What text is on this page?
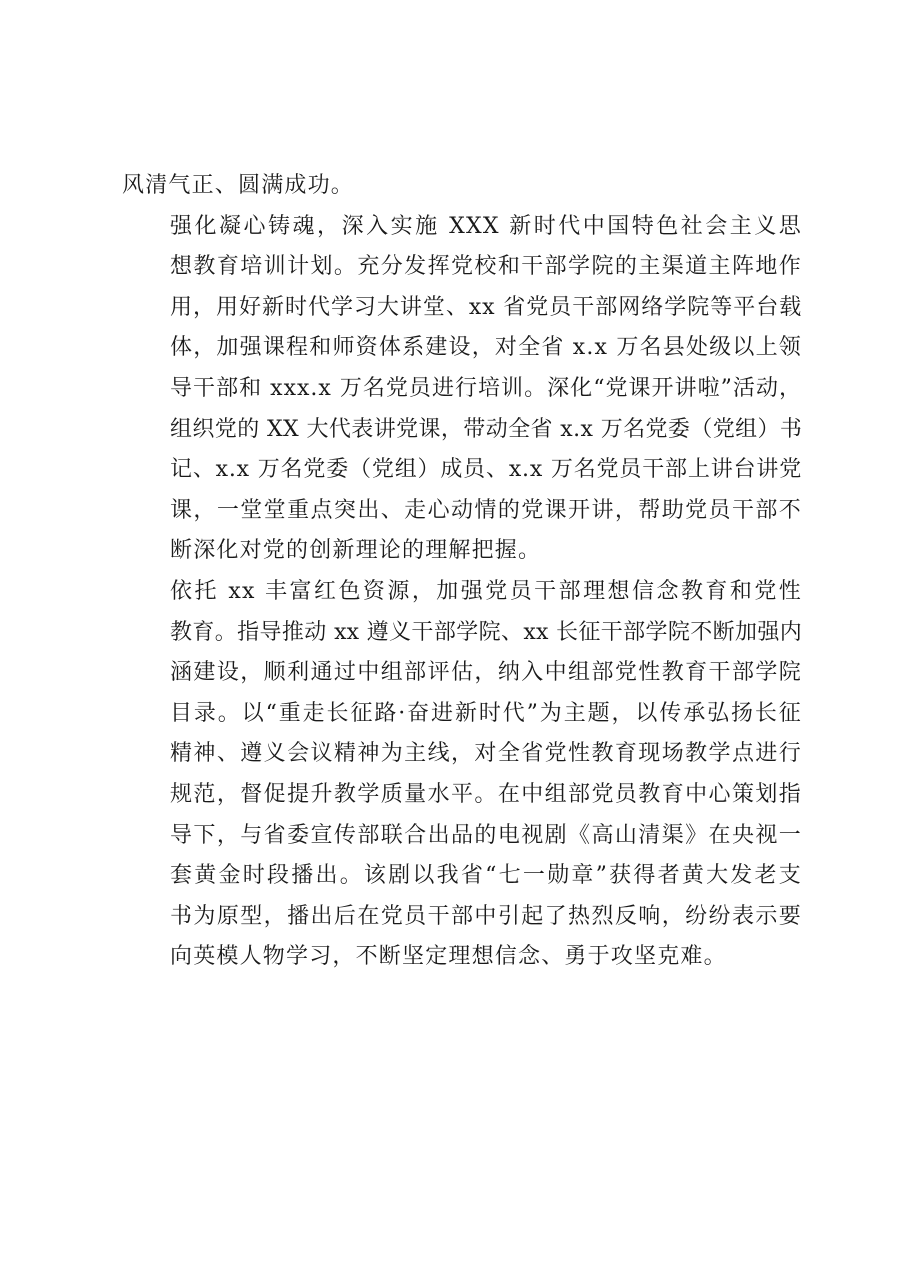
风清气正、圆满成功。

强化凝心铸魂，深入实施 XXX 新时代中国特色社会主义思
想教育培训计划。充分发挥党校和干部学院的主渠道主阵地作
用，用好新时代学习大讲堂、xx 省党员干部网络学院等平台载
体，加强课程和师资体系建设，对全省 x.x 万名县处级以上领
导干部和 xxx.x 万名党员进行培训。深化“党课开讲啦”活动，
组织党的 XX 大代表讲党课，带动全省 x.x 万名党委（党组）书
记、x.x 万名党委（党组）成员、x.x 万名党员干部上讲台讲党
课，一堂堂重点突出、走心动情的党课开讲，帮助党员干部不
断深化对党的创新理论的理解把握。

依托 xx 丰富红色资源，加强党员干部理想信念教育和党性
教育。指导推动 xx 遵义干部学院、xx 长征干部学院不断加强内
涵建设，顺利通过中组部评估，纳入中组部党性教育干部学院
目录。以“重走长征路·奋进新时代”为主题，以传承弘扬长征
精神、遵义会议精神为主线，对全省党性教育现场教学点进行
规范，督促提升教学质量水平。在中组部党员教育中心策划指
导下，与省委宣传部联合出品的电视剧《高山清渠》在央视一
套黄金时段播出。该剧以我省“七一勋章”获得者黄大发老支
书为原型，播出后在党员干部中引起了热烈反响，纷纷表示要
向英模人物学习，不断坚定理想信念、勇于攻坚克难。
